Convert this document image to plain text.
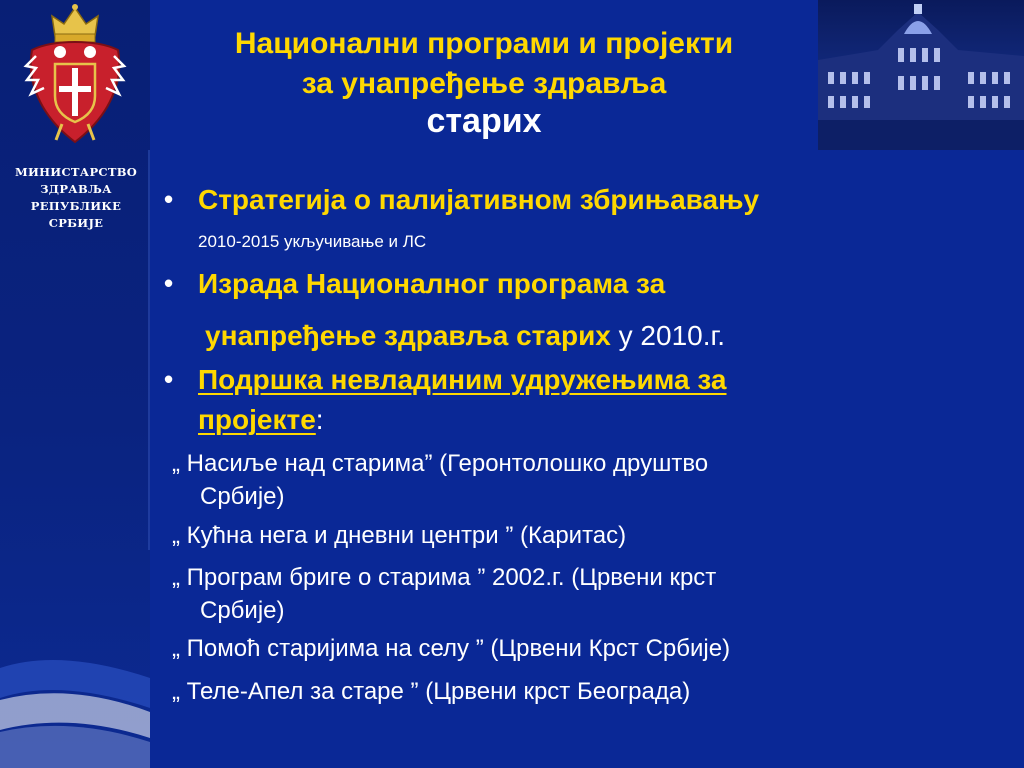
МИНИСТАРСТВО
ЗДРАВЉА
РЕПУБЛИКЕ
СРБИЈЕ
Национални програми и пројекти
за унапређење здравља
старих
• Стратегија о палијативном збрињавању
2010-2015 укључивање и ЛС
• Израда Националног програма за
унапређење здравља старих у 2010.г.
• Подршка невладиним удружењима за
пројекте:
„ Насиље над старима” (Геронтолошко друштво
Србије)
„ Кућна нега и дневни центри ” (Каритас)
„ Програм бриге о старима ” 2002.г. (Црвени крст
Србије)
„ Помоћ старијима на селу ” (Црвени Крст Србије)
„ Теле-Апел за старе ” (Црвени крст Београда)
